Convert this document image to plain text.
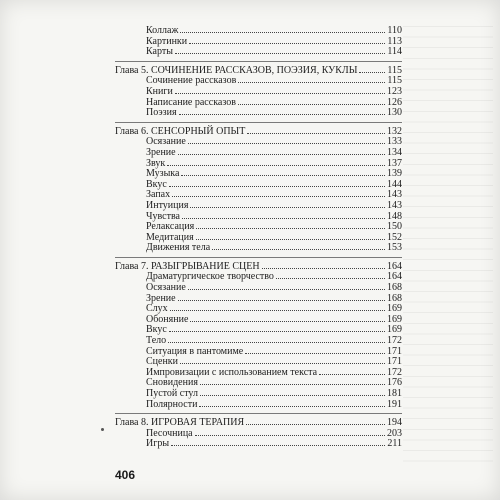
Коллаж	110
Картинки	113
Карты	114
Глава 5. СОЧИНЕНИЕ РАССКАЗОВ, ПОЭЗИЯ, КУКЛЫ	115
Сочинение рассказов	115
Книги	123
Написание рассказов	126
Поэзия	130
Глава 6. СЕНСОРНЫЙ ОПЫТ	132
Осязание	133
Зрение	134
Звук	137
Музыка	139
Вкус	144
Запах	143
Интуиция	143
Чувства	148
Релаксация	150
Медитация	152
Движения тела	153
Глава 7. РАЗЫГРЫВАНИЕ СЦЕН	164
Драматургическое творчество	164
Осязание	168
Зрение	168
Слух	169
Обоняние	169
Вкус	169
Тело	172
Ситуация в пантомиме	171
Сценки	171
Импровизации с использованием текста	172
Сновидения	176
Пустой стул	181
Полярности	191
Глава 8. ИГРОВАЯ ТЕРАПИЯ	194
Песочница	203
Игры	211
406
